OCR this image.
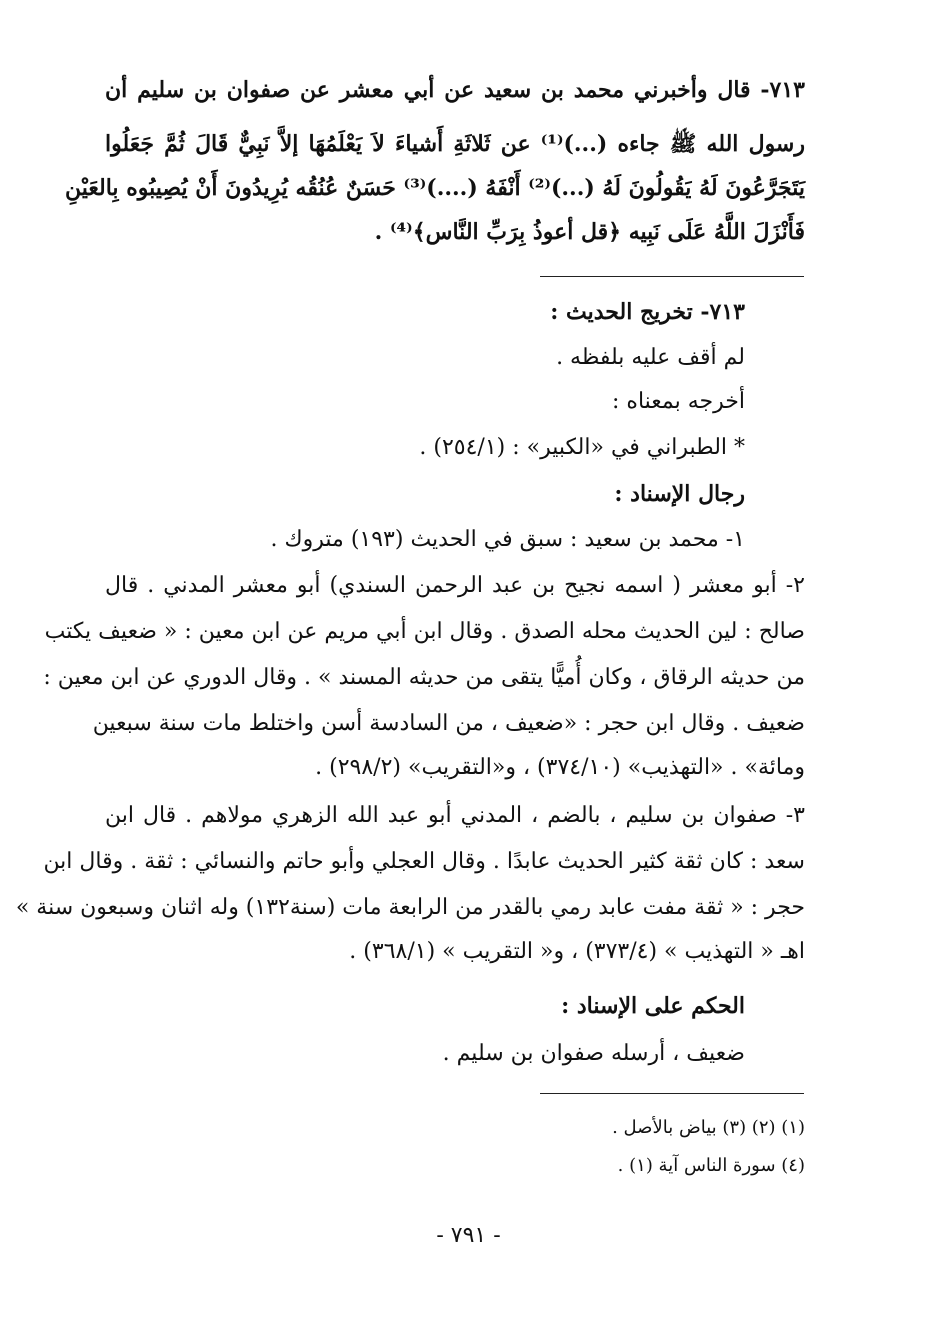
٧١٣- قال وأخبرني محمد بن سعيد عن أبي معشر عن صفوان بن سليم أن
رسول الله ﷺ جاءه (...)⁽¹⁾ عن ثَلاثَةِ أَشياءَ لاَ يَعْلَمُهَا إلاَّ نَبِيٌّ قَالَ ثُمَّ جَعَلُوا
يَتَجَرَّعُونَ لَهُ يَقُولُونَ لَهُ (...)⁽²⁾ أَنْفَهُ (....)⁽³⁾ حَسَنٌ عُنُقُه يُرِيدُونَ أَنْ يُصِيبُوه بِالعَيْنِ
فَأَنْزَلَ اللَّهُ عَلَى نَبِيه ﴿قل أعوذُ بِرَبِّ النَّاس﴾⁽⁴⁾ .
٧١٣- تخريج الحديث :
لم أقف عليه بلفظه .
أخرجه بمعناه :
* الطبراني في «الكبير» : (٢٥٤/١) .
رجال الإسناد :
١- محمد بن سعيد : سبق في الحديث (١٩٣) متروك .
٢- أبو معشر ( اسمه نجيح بن عبد الرحمن السندي) أبو معشر المدني . قال
صالح : لين الحديث محله الصدق . وقال ابن أبي مريم عن ابن معين : « ضعيف يكتب
من حديثه الرقاق ، وكان أُميًّا يتقى من حديثه المسند » . وقال الدوري عن ابن معين :
ضعيف . وقال ابن حجر : «ضعيف ، من السادسة أسن واختلط مات سنة سبعين
ومائة» . «التهذيب» (٣٧٤/١٠) ، و«التقريب» (٢٩٨/٢) .
٣- صفوان بن سليم ، بالضم ، المدني أبو عبد الله الزهري مولاهم . قال ابن
سعد : كان ثقة كثير الحديث عابدًا . وقال العجلي وأبو حاتم والنسائي : ثقة . وقال ابن
حجر : « ثقة مفت عابد رمي بالقدر من الرابعة مات (سنة١٣٢) وله اثنان وسبعون سنة »
اهـ « التهذيب » (٣٧٣/٤) ، و« التقريب » (٣٦٨/١) .
الحكم على الإسناد :
ضعيف ، أرسله صفوان بن سليم .
(١) (٢) (٣) بياض بالأصل .
(٤) سورة الناس آية (١) .
- ٧٩١ -
